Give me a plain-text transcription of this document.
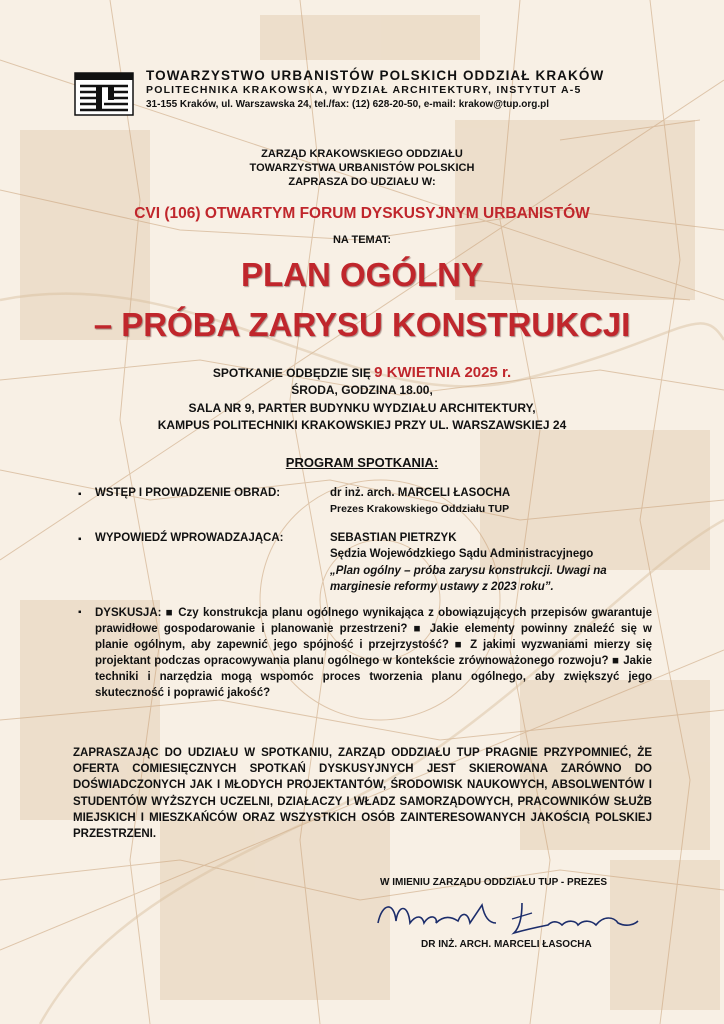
TOWARZYSTWO URBANISTÓW POLSKICH ODDZIAŁ KRAKÓW
POLITECHNIKA KRAKOWSKA, WYDZIAŁ ARCHITEKTURY, INSTYTUT A-5
31-155 Kraków, ul. Warszawska 24, tel./fax: (12) 628-20-50, e-mail: krakow@tup.org.pl
ZARZĄD KRAKOWSKIEGO ODDZIAŁU
TOWARZYSTWA URBANISTÓW POLSKICH
ZAPRASZA DO UDZIAŁU W:
CVI (106) OTWARTYM FORUM DYSKUSYJNYM URBANISTÓW
NA TEMAT:
PLAN OGÓLNY
– PRÓBA ZARYSU KONSTRUKCJI
SPOTKANIE ODBĘDZIE SIĘ 9 KWIETNIA 2025 r.
ŚRODA, GODZINA 18.00,
SALA NR 9, PARTER BUDYNKU WYDZIAŁU ARCHITEKTURY,
KAMPUS POLITECHNIKI KRAKOWSKIEJ PRZY UL. WARSZAWSKIEJ 24
PROGRAM SPOTKANIA:
▪ WSTĘP I PROWADZENIE OBRAD:	dr inż. arch. MARCELI ŁASOCHA
Prezes Krakowskiego Oddziału TUP
▪ WYPOWIEDŹ WPROWADZAJĄCA:	SEBASTIAN PIETRZYK
Sędzia Wojewódzkiego Sądu Administracyjnego
„Plan ogólny – próba zarysu konstrukcji. Uwagi na marginesie reformy ustawy z 2023 roku”.
▪ DYSKUSJA: ■ Czy konstrukcja planu ogólnego wynikająca z obowiązujących przepisów gwarantuje prawidłowe gospodarowanie i planowanie przestrzeni? ■ Jakie elementy powinny znaleźć się w planie ogólnym, aby zapewnić jego spójność i przejrzystość? ■ Z jakimi wyzwaniami mierzy się projektant podczas opracowywania planu ogólnego w kontekście zrównoważonego rozwoju? ■ Jakie techniki i narzędzia mogą wspomóc proces tworzenia planu ogólnego, aby zwiększyć jego skuteczność i poprawić jakość?
ZAPRASZAJĄC DO UDZIAŁU W SPOTKANIU, ZARZĄD ODDZIAŁU TUP PRAGNIE PRZYPOMNIEĆ, ŻE OFERTA COMIESIĘCZNYCH SPOTKAŃ DYSKUSYJNYCH JEST SKIEROWANA ZARÓWNO DO DOŚWIADCZONYCH JAK I MŁODYCH PROJEKTANTÓW, ŚRODOWISK NAUKOWYCH, ABSOLWENTÓW I STUDENTÓW WYŻSZYCH UCZELNI, DZIAŁACZY I WŁADZ SAMORZĄDOWYCH, PRACOWNIKÓW SŁUŻB MIEJSKICH I MIESZKAŃCÓW ORAZ WSZYSTKICH OSÓB ZAINTERESOWANYCH JAKOŚCIĄ POLSKIEJ PRZESTRZENI.
W IMIENIU ZARZĄDU ODDZIAŁU TUP - PREZES
DR INŻ. ARCH. MARCELI ŁASOCHA
